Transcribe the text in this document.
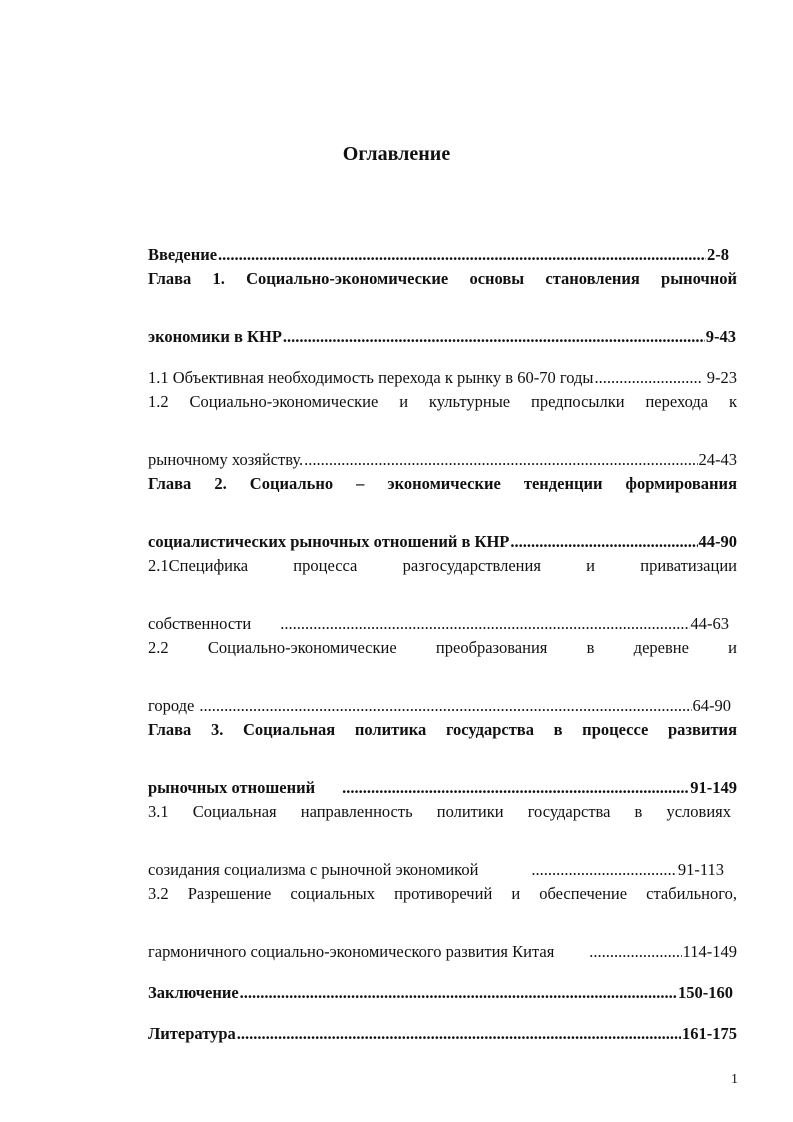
Оглавление
Введение .....	2-8
Глава 1. Социально-экономические основы становления рыночной
экономики в КНР .....	9-43
1.1 Объективная необходимость перехода к рынку в 60-70 годы .....	9-23
1.2 Социально-экономические и культурные предпосылки перехода к
рыночному хозяйству. .....	24-43
Глава 2. Социально – экономические тенденции формирования
социалистических рыночных отношений в КНР .....	44-90
2.1Специфика процесса разгосударствления и приватизации
собственности .....	44-63
2.2 Социально-экономические преобразования в деревне и
городе .....	64-90
Глава 3. Социальная политика государства в процессе развития
рыночных отношений .....	91-149
3.1 Социальная направленность политики государства в условиях
созидания социализма с рыночной экономикой .....	91-113
3.2 Разрешение социальных противоречий и обеспечение стабильного,
гармоничного социально-экономического развития Китая .....	114-149
Заключение .....	150-160
Литература .....	161-175
1
